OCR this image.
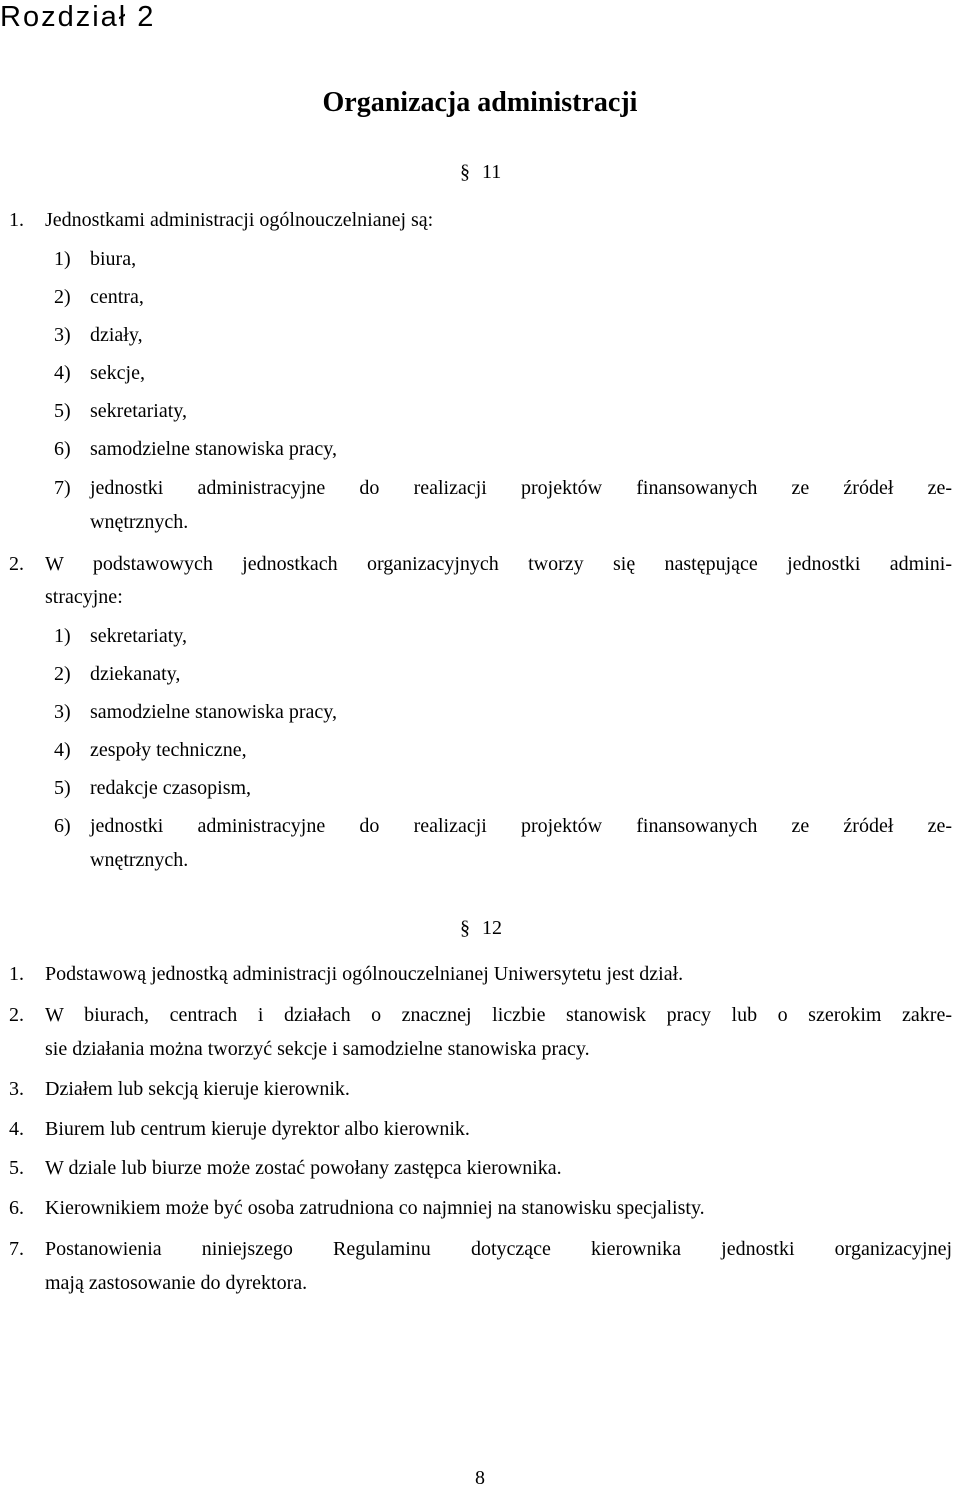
Rozdział 2
Organizacja administracji
§ 11
1. Jednostkami administracji ogólnouczelnianej są:
1) biura,
2) centra,
3) działy,
4) sekcje,
5) sekretariaty,
6) samodzielne stanowiska pracy,
7) jednostki administracyjne do realizacji projektów finansowanych ze źródeł ze-
wnętrznych.
2. W podstawowych jednostkach organizacyjnych tworzy się następujące jednostki admini-
stracyjne:
1) sekretariaty,
2) dziekanaty,
3) samodzielne stanowiska pracy,
4) zespoły techniczne,
5) redakcje czasopism,
6) jednostki administracyjne do realizacji projektów finansowanych ze źródeł ze-
wnętrznych.
§ 12
1. Podstawową jednostką administracji ogólnouczelnianej Uniwersytetu jest dział.
2. W biurach, centrach i działach o znacznej liczbie stanowisk pracy lub o szerokim zakre-
sie działania można tworzyć sekcje i samodzielne stanowiska pracy.
3. Działem lub sekcją kieruje kierownik.
4. Biurem lub centrum kieruje dyrektor albo kierownik.
5. W dziale lub biurze może zostać powołany zastępca kierownika.
6. Kierownikiem może być osoba zatrudniona co najmniej na stanowisku specjalisty.
7. Postanowienia niniejszego Regulaminu dotyczące kierownika jednostki organizacyjnej
mają zastosowanie do dyrektora.
8
